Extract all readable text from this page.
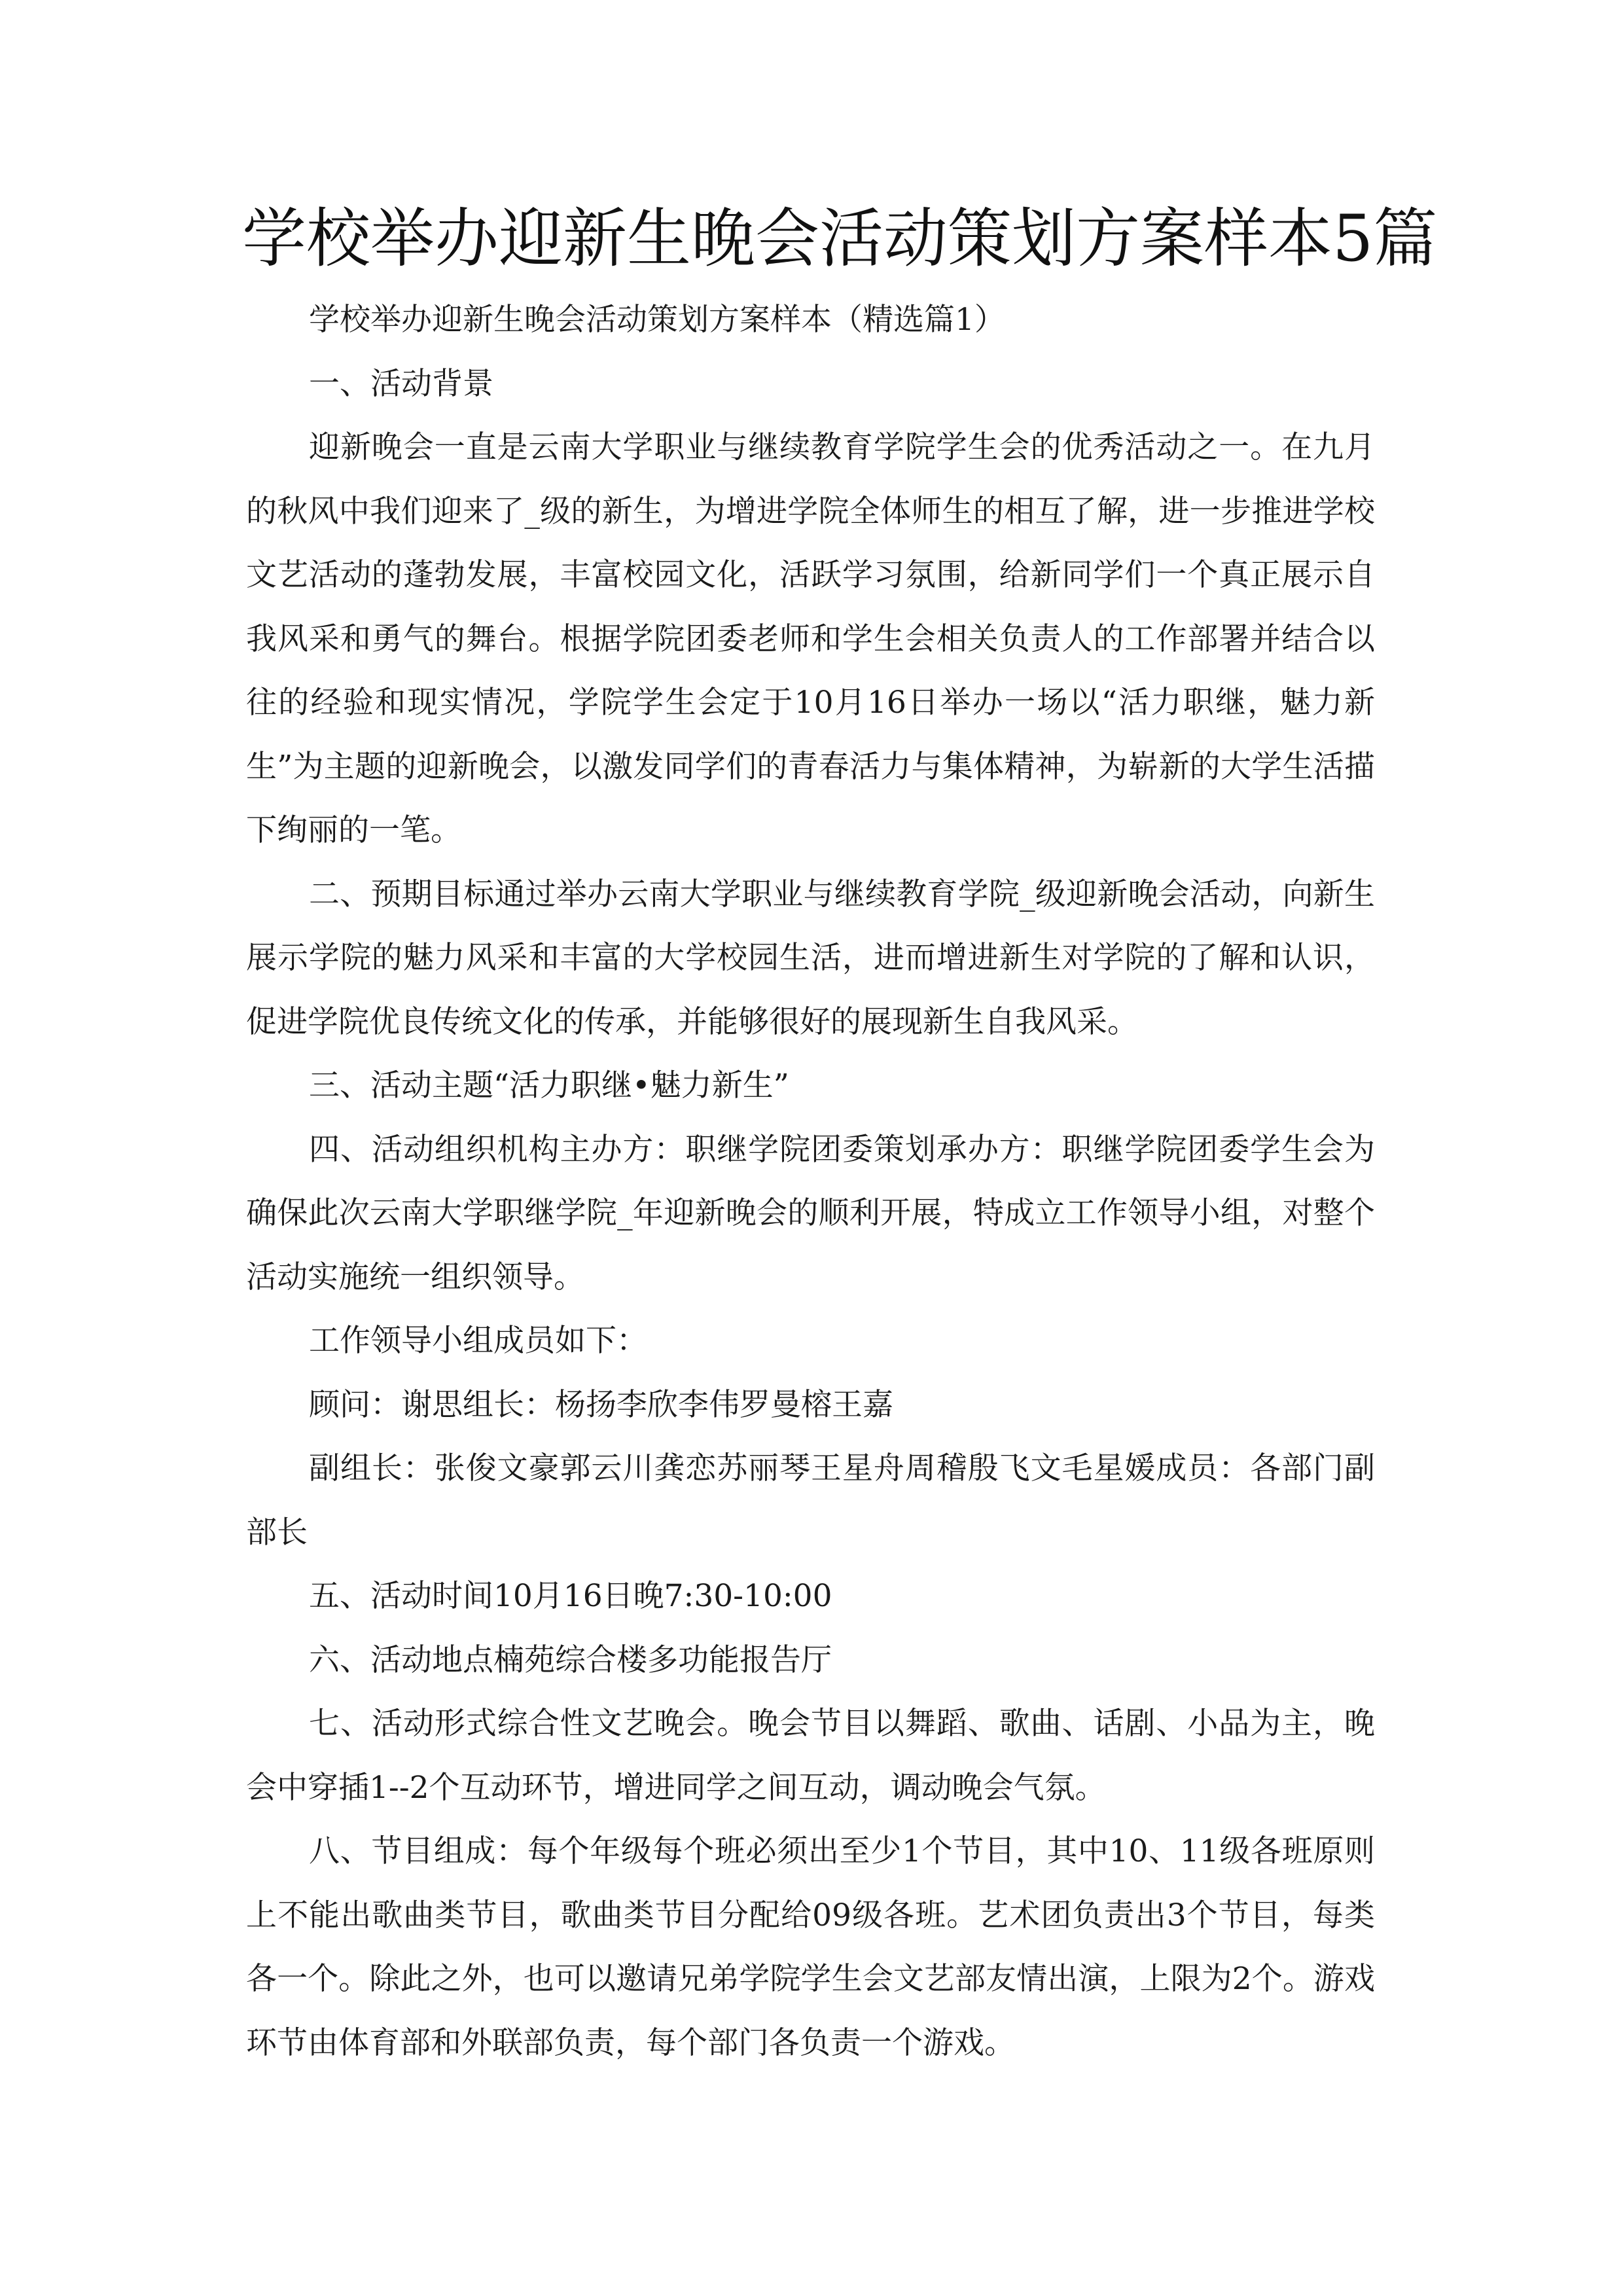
学校举办迎新生晚会活动策划方案样本5篇

学校举办迎新生晚会活动策划方案样本（精选篇1）

一、活动背景

迎新晚会一直是云南大学职业与继续教育学院学生会的优秀活动之一。在九月的秋风中我们迎来了_级的新生，为增进学院全体师生的相互了解，进一步推进学校文艺活动的蓬勃发展，丰富校园文化，活跃学习氛围，给新同学们一个真正展示自我风采和勇气的舞台。根据学院团委老师和学生会相关负责人的工作部署并结合以往的经验和现实情况，学院学生会定于10月16日举办一场以“活力职继，魅力新生”为主题的迎新晚会，以激发同学们的青春活力与集体精神，为崭新的大学生活描下绚丽的一笔。

二、预期目标通过举办云南大学职业与继续教育学院_级迎新晚会活动，向新生展示学院的魅力风采和丰富的大学校园生活，进而增进新生对学院的了解和认识，促进学院优良传统文化的传承，并能够很好的展现新生自我风采。

三、活动主题“活力职继•魅力新生”

四、活动组织机构主办方：职继学院团委策划承办方：职继学院团委学生会为确保此次云南大学职继学院_年迎新晚会的顺利开展，特成立工作领导小组，对整个活动实施统一组织领导。

工作领导小组成员如下：

顾问：谢思组长：杨扬李欣李伟罗曼榕王嘉

副组长：张俊文豪郭云川龚恋苏丽琴王星舟周稽殷飞文毛星媛成员：各部门副部长

五、活动时间10月16日晚7:30-10:00

六、活动地点楠苑综合楼多功能报告厅

七、活动形式综合性文艺晚会。晚会节目以舞蹈、歌曲、话剧、小品为主，晚会中穿插1--2个互动环节，增进同学之间互动，调动晚会气氛。

八、节目组成：每个年级每个班必须出至少1个节目，其中10、11级各班原则上不能出歌曲类节目，歌曲类节目分配给09级各班。艺术团负责出3个节目，每类各一个。除此之外，也可以邀请兄弟学院学生会文艺部友情出演，上限为2个。游戏环节由体育部和外联部负责，每个部门各负责一个游戏。
